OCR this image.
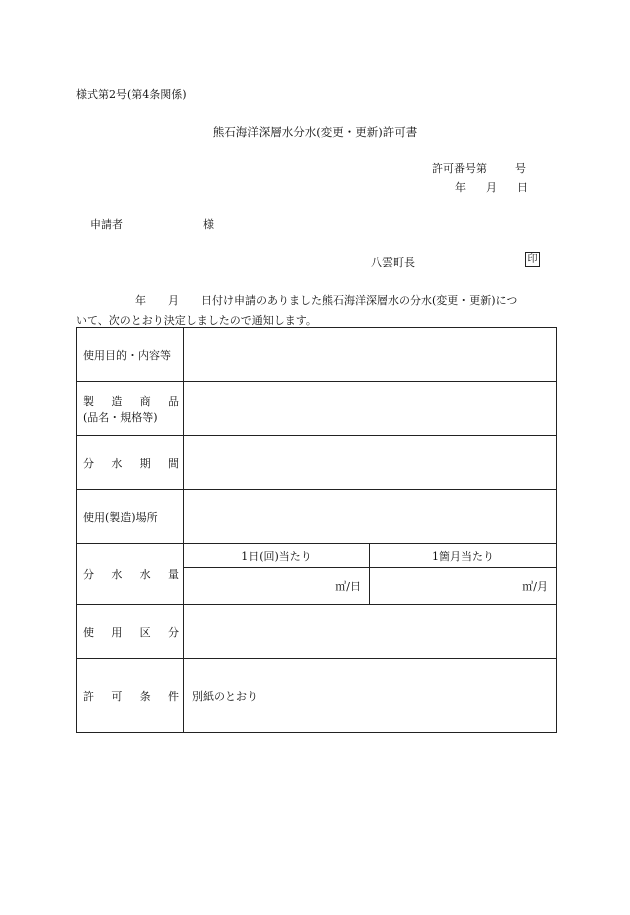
様式第2号(第4条関係)
熊石海洋深層水分水(変更・更新)許可書
許可番号第	号
年 月 日
申請者	様
八雲町長	印
年 月 日付け申請のありました熊石海洋深層水の分水(変更・更新)につ
いて、次のとおり決定しましたので通知します。
使用目的・内容等		

製 造 商 品
(品名・規格等)		

分 水 期 間		

使用(製造)場所		

分 水 水 量	1日(回)当たり	1箇月当たり
	㎥/日	㎥/月

使 用 区 分		

許 可 条 件	別紙のとおり	
